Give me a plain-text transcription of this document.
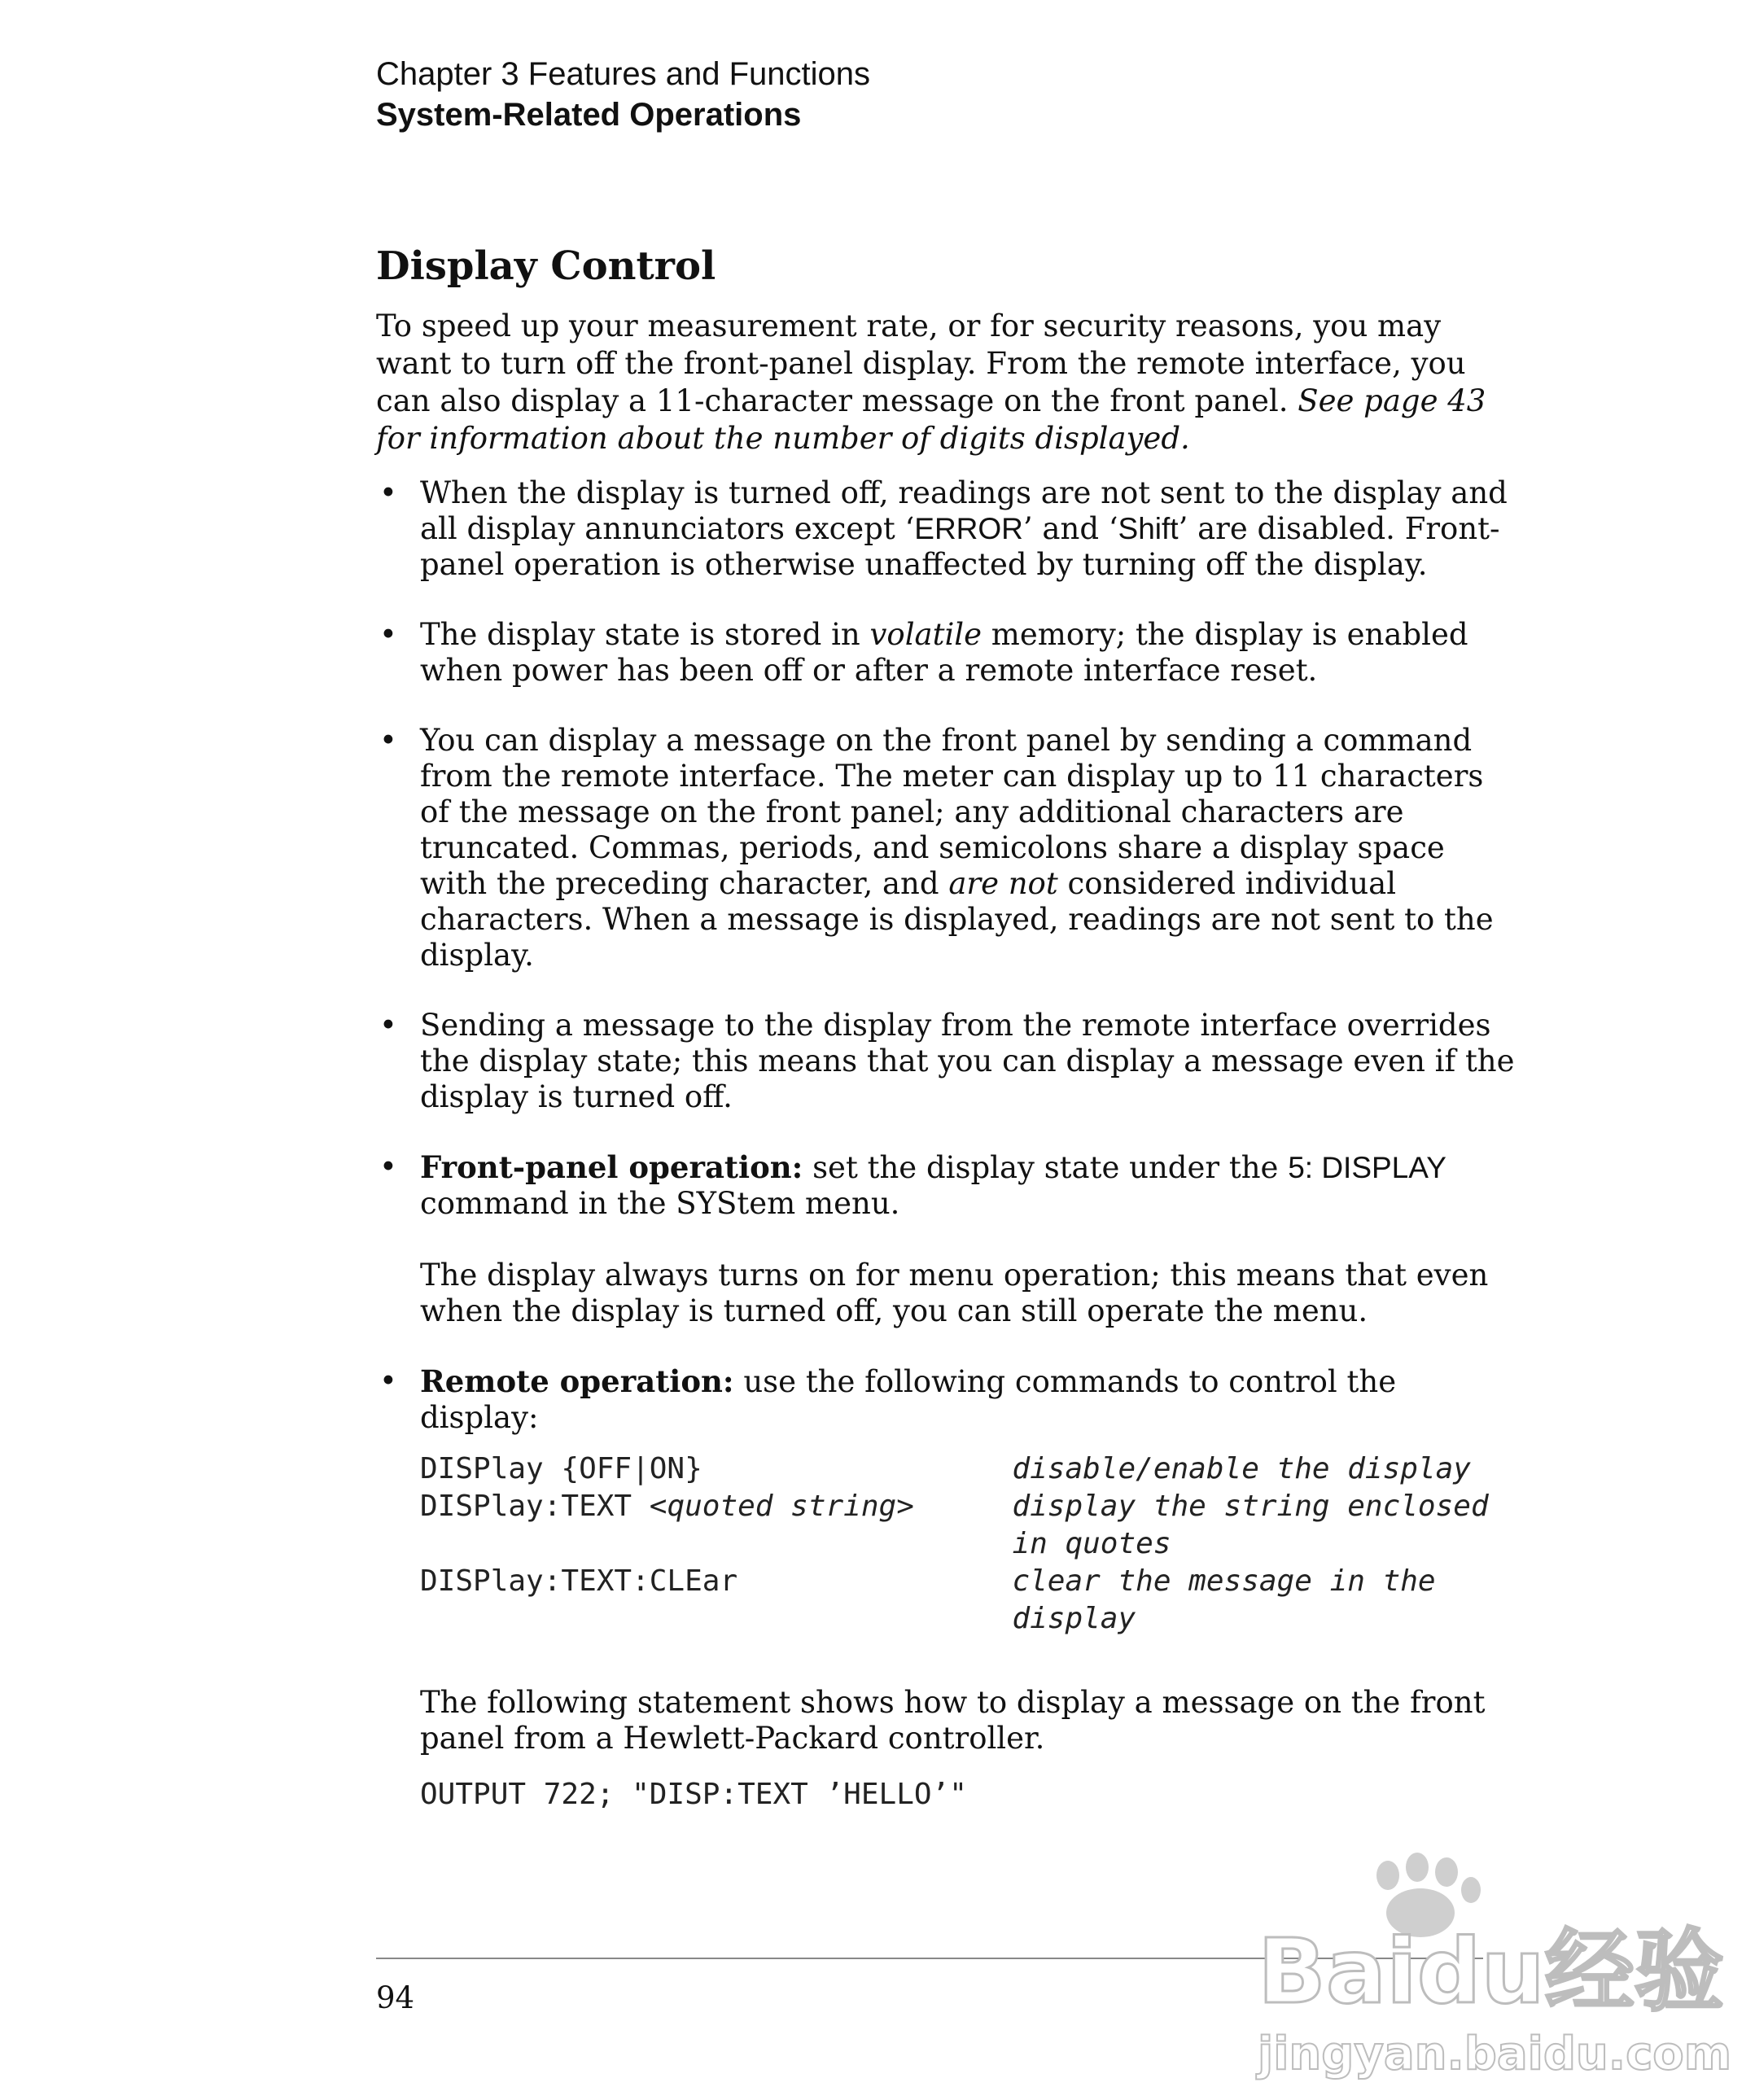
Chapter 3 Features and Functions
System-Related Operations
Display Control

To speed up your measurement rate, or for security reasons, you may want to turn off the front-panel display. From the remote interface, you can also display a 11-character message on the front panel. See page 43 for information about the number of digits displayed.

• When the display is turned off, readings are not sent to the display and all display annunciators except ‘ERROR’ and ‘Shift’ are disabled. Front-panel operation is otherwise unaffected by turning off the display.
• The display state is stored in volatile memory; the display is enabled when power has been off or after a remote interface reset.
• You can display a message on the front panel by sending a command from the remote interface. The meter can display up to 11 characters of the message on the front panel; any additional characters are truncated. Commas, periods, and semicolons share a display space with the preceding character, and are not considered individual characters. When a message is displayed, readings are not sent to the display.
• Sending a message to the display from the remote interface overrides the display state; this means that you can display a message even if the display is turned off.
• Front-panel operation: set the display state under the 5: DISPLAY command in the SYStem menu.
The display always turns on for menu operation; this means that even when the display is turned off, you can still operate the menu.
• Remote operation: use the following commands to control the display:
DISPlay {OFF|ON}	disable/enable the display
DISPlay:TEXT <quoted string>	display the string enclosed in quotes
DISPlay:TEXT:CLEar	clear the message in the display
The following statement shows how to display a message on the front panel from a Hewlett-Packard controller.
OUTPUT 722; "DISP:TEXT ’HELLO’"
94	Baidu经验
jingyan.baidu.com
